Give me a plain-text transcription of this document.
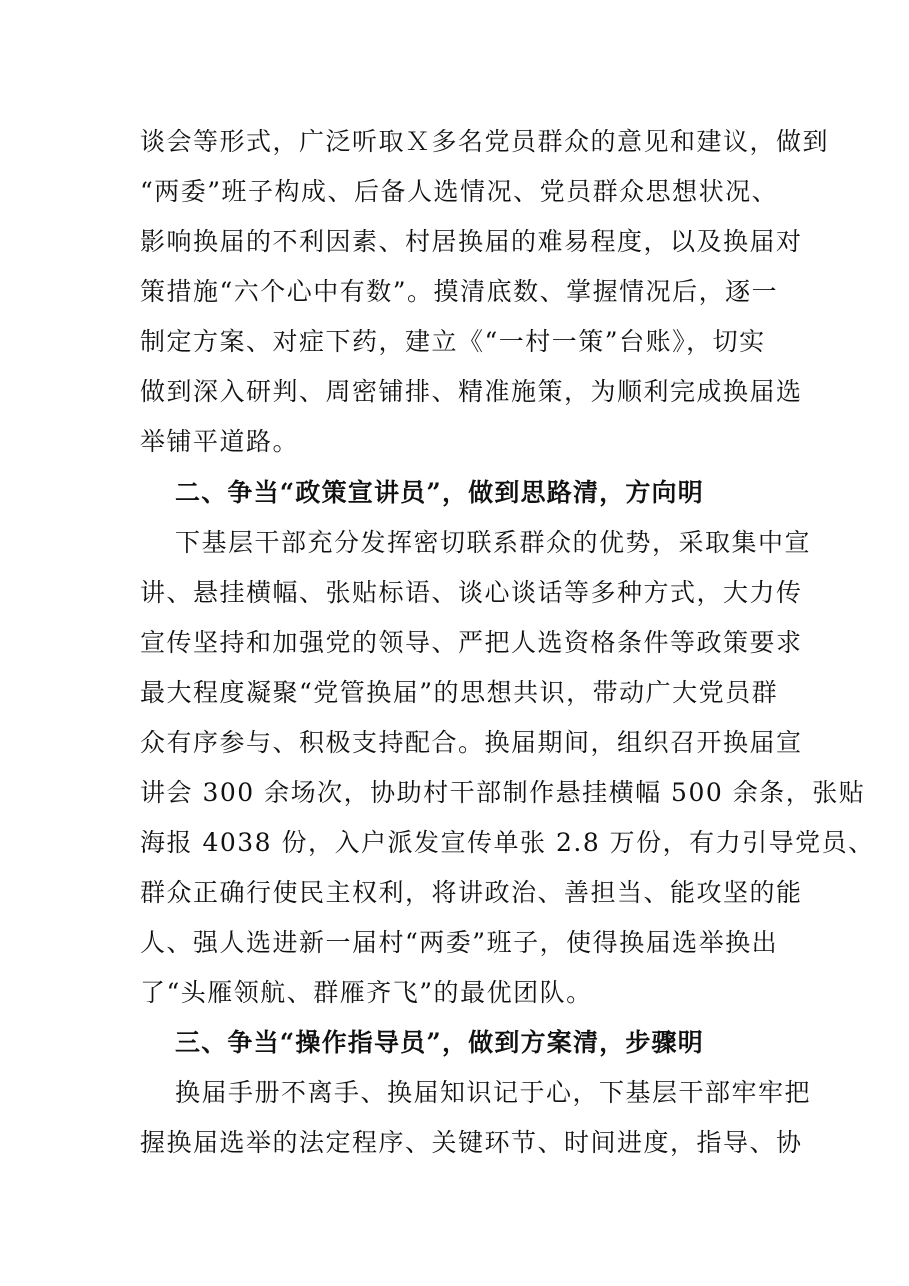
谈会等形式，广泛听取Ｘ多名党员群众的意见和建议，做到
“两委”班子构成、后备人选情况、党员群众思想状况、
影响换届的不利因素、村居换届的难易程度，以及换届对
策措施“六个心中有数”。摸清底数、掌握情况后，逐一
制定方案、对症下药，建立《“一村一策”台账》，切实
做到深入研判、周密铺排、精准施策，为顺利完成换届选
举铺平道路。
二、争当“政策宣讲员”，做到思路清，方向明
下基层干部充分发挥密切联系群众的优势，采取集中宣
讲、悬挂横幅、张贴标语、谈心谈话等多种方式，大力传
宣传坚持和加强党的领导、严把人选资格条件等政策要求
最大程度凝聚“党管换届”的思想共识，带动广大党员群
众有序参与、积极支持配合。换届期间，组织召开换届宣
讲会 300 余场次，协助村干部制作悬挂横幅 500 余条，张贴
海报 4038 份，入户派发宣传单张 2.8 万份，有力引导党员、
群众正确行使民主权利，将讲政治、善担当、能攻坚的能
人、强人选进新一届村“两委”班子，使得换届选举换出
了“头雁领航、群雁齐飞”的最优团队。
三、争当“操作指导员”，做到方案清，步骤明
换届手册不离手、换届知识记于心，下基层干部牢牢把
握换届选举的法定程序、关键环节、时间进度，指导、协
